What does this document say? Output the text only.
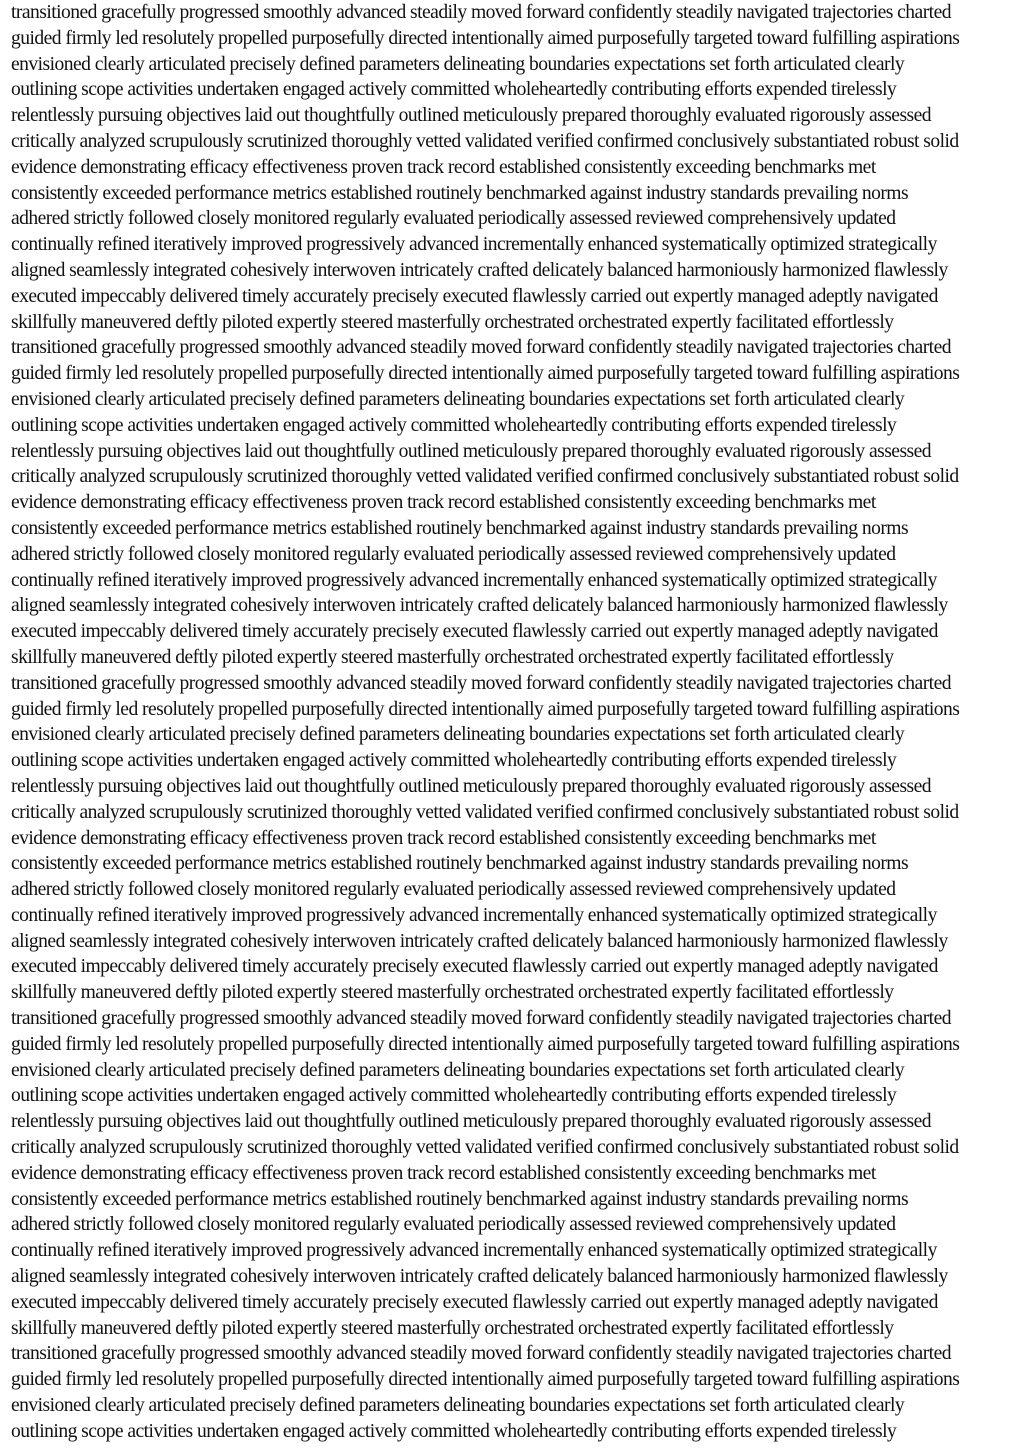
transitioned gracefully progressed smoothly advanced steadily moved forward confidently steadily navigated trajectories charted
guided firmly led resolutely propelled purposefully directed intentionally aimed purposefully targeted toward fulfilling aspirations
envisioned clearly articulated precisely defined parameters delineating boundaries expectations set forth articulated clearly
outlining scope activities undertaken engaged actively committed wholeheartedly contributing efforts expended tirelessly
relentlessly pursuing objectives laid out thoughtfully outlined meticulously prepared thoroughly evaluated rigorously assessed
critically analyzed scrupulously scrutinized thoroughly vetted validated verified confirmed conclusively substantiated robust solid
evidence demonstrating efficacy effectiveness proven track record established consistently exceeding benchmarks met
consistently exceeded performance metrics established routinely benchmarked against industry standards prevailing norms
adhered strictly followed closely monitored regularly evaluated periodically assessed reviewed comprehensively updated
continually refined iteratively improved progressively advanced incrementally enhanced systematically optimized strategically
aligned seamlessly integrated cohesively interwoven intricately crafted delicately balanced harmoniously harmonized flawlessly
executed impeccably delivered timely accurately precisely executed flawlessly carried out expertly managed adeptly navigated
skillfully maneuvered deftly piloted expertly steered masterfully orchestrated orchestrated expertly facilitated effortlessly
transitioned gracefully progressed smoothly advanced steadily moved forward confidently steadily navigated trajectories charted
guided firmly led resolutely propelled purposefully directed intentionally aimed purposefully targeted toward fulfilling aspirations
envisioned clearly articulated precisely defined parameters delineating boundaries expectations set forth articulated clearly
outlining scope activities undertaken engaged actively committed wholeheartedly contributing efforts expended tirelessly
relentlessly pursuing objectives laid out thoughtfully outlined meticulously prepared thoroughly evaluated rigorously assessed
critically analyzed scrupulously scrutinized thoroughly vetted validated verified confirmed conclusively substantiated robust solid
evidence demonstrating efficacy effectiveness proven track record established consistently exceeding benchmarks met
consistently exceeded performance metrics established routinely benchmarked against industry standards prevailing norms
adhered strictly followed closely monitored regularly evaluated periodically assessed reviewed comprehensively updated
continually refined iteratively improved progressively advanced incrementally enhanced systematically optimized strategically
aligned seamlessly integrated cohesively interwoven intricately crafted delicately balanced harmoniously harmonized flawlessly
executed impeccably delivered timely accurately precisely executed flawlessly carried out expertly managed adeptly navigated
skillfully maneuvered deftly piloted expertly steered masterfully orchestrated orchestrated expertly facilitated effortlessly
transitioned gracefully progressed smoothly advanced steadily moved forward confidently steadily navigated trajectories charted
guided firmly led resolutely propelled purposefully directed intentionally aimed purposefully targeted toward fulfilling aspirations
envisioned clearly articulated precisely defined parameters delineating boundaries expectations set forth articulated clearly
outlining scope activities undertaken engaged actively committed wholeheartedly contributing efforts expended tirelessly
relentlessly pursuing objectives laid out thoughtfully outlined meticulously prepared thoroughly evaluated rigorously assessed
critically analyzed scrupulously scrutinized thoroughly vetted validated verified confirmed conclusively substantiated robust solid
evidence demonstrating efficacy effectiveness proven track record established consistently exceeding benchmarks met
consistently exceeded performance metrics established routinely benchmarked against industry standards prevailing norms
adhered strictly followed closely monitored regularly evaluated periodically assessed reviewed comprehensively updated
continually refined iteratively improved progressively advanced incrementally enhanced systematically optimized strategically
aligned seamlessly integrated cohesively interwoven intricately crafted delicately balanced harmoniously harmonized flawlessly
executed impeccably delivered timely accurately precisely executed flawlessly carried out expertly managed adeptly navigated
skillfully maneuvered deftly piloted expertly steered masterfully orchestrated orchestrated expertly facilitated effortlessly
transitioned gracefully progressed smoothly advanced steadily moved forward confidently steadily navigated trajectories charted
guided firmly led resolutely propelled purposefully directed intentionally aimed purposefully targeted toward fulfilling aspirations
envisioned clearly articulated precisely defined parameters delineating boundaries expectations set forth articulated clearly
outlining scope activities undertaken engaged actively committed wholeheartedly contributing efforts expended tirelessly
relentlessly pursuing objectives laid out thoughtfully outlined meticulously prepared thoroughly evaluated rigorously assessed
critically analyzed scrupulously scrutinized thoroughly vetted validated verified confirmed conclusively substantiated robust solid
evidence demonstrating efficacy effectiveness proven track record established consistently exceeding benchmarks met
consistently exceeded performance metrics established routinely benchmarked against industry standards prevailing norms
adhered strictly followed closely monitored regularly evaluated periodically assessed reviewed comprehensively updated
continually refined iteratively improved progressively advanced incrementally enhanced systematically optimized strategically
aligned seamlessly integrated cohesively interwoven intricately crafted delicately balanced harmoniously harmonized flawlessly
executed impeccably delivered timely accurately precisely executed flawlessly carried out expertly managed adeptly navigated
skillfully maneuvered deftly piloted expertly steered masterfully orchestrated orchestrated expertly facilitated effortlessly
transitioned gracefully progressed smoothly advanced steadily moved forward confidently steadily navigated trajectories charted
guided firmly led resolutely propelled purposefully directed intentionally aimed purposefully targeted toward fulfilling aspirations
envisioned clearly articulated precisely defined parameters delineating boundaries expectations set forth articulated clearly
outlining scope activities undertaken engaged actively committed wholeheartedly contributing efforts expended tirelessly
